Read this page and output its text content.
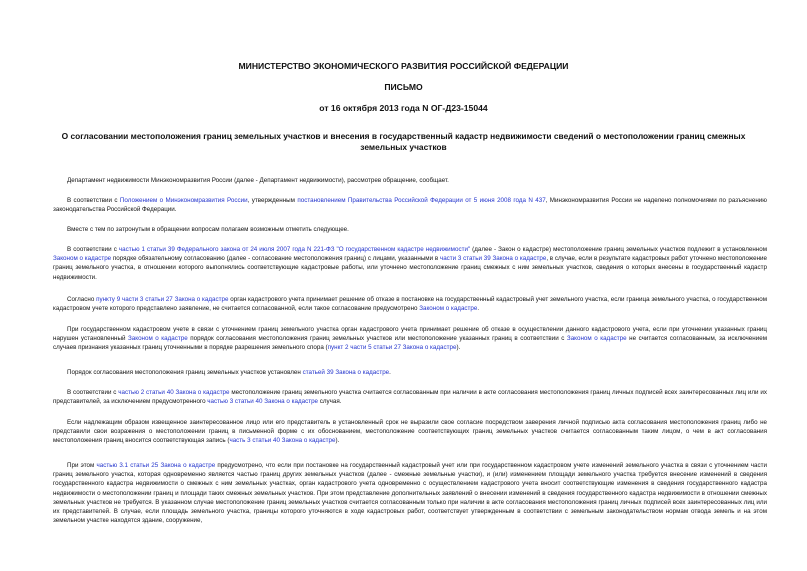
МИНИСТЕРСТВО ЭКОНОМИЧЕСКОГО РАЗВИТИЯ РОССИЙСКОЙ ФЕДЕРАЦИИ
ПИСЬМО
от 16 октября 2013 года N ОГ-Д23-15044
О согласовании местоположения границ земельных участков и внесения в государственный кадастр недвижимости сведений о местоположении границ смежных земельных участков

Департамент недвижимости Минэкономразвития России (далее - Департамент недвижимости), рассмотрев обращение, сообщает.

В соответствии с Положением о Минэкономразвития России, утвержденным постановлением Правительства Российской Федерации от 5 июня 2008 года N 437, Минэкономразвития России не наделено полномочиями по разъяснению законодательства Российской Федерации.

Вместе с тем по затронутым в обращении вопросам полагаем возможным отметить следующее.

В соответствии с частью 1 статьи 39 Федерального закона от 24 июля 2007 года N 221-ФЗ "О государственном кадастре недвижимости" (далее - Закон о кадастре) местоположение границ земельных участков подлежит в установленном Законом о кадастре порядке обязательному согласованию (далее - согласование местоположения границ) с лицами, указанными в части 3 статьи 39 Закона о кадастре, в случае, если в результате кадастровых работ уточнено местоположение границ земельного участка, в отношении которого выполнялись соответствующие кадастровые работы, или уточнено местоположение границ смежных с ним земельных участков, сведения о которых внесены в государственный кадастр недвижимости.

Согласно пункту 9 части 3 статьи 27 Закона о кадастре орган кадастрового учета принимает решение об отказе в постановке на государственный кадастровый учет земельного участка, если граница земельного участка, о государственном кадастровом учете которого представлено заявление, не считается согласованной, если такое согласование предусмотрено Законом о кадастре.

При государственном кадастровом учете в связи с уточнением границ земельного участка орган кадастрового учета принимает решение об отказе в осуществлении данного кадастрового учета, если при уточнении указанных границ нарушен установленный Законом о кадастре порядок согласования местоположения границ земельных участков или местоположение указанных границ в соответствии с Законом о кадастре не считается согласованным, за исключением случаев признания указанных границ уточненными в порядке разрешения земельного спора (пункт 2 части 5 статьи 27 Закона о кадастре).

Порядок согласования местоположения границ земельных участков установлен статьей 39 Закона о кадастре.

В соответствии с частью 2 статьи 40 Закона о кадастре местоположение границ земельного участка считается согласованным при наличии в акте согласования местоположения границ личных подписей всех заинтересованных лиц или их представителей, за исключением предусмотренного частью 3 статьи 40 Закона о кадастре случая.

Если надлежащим образом извещенное заинтересованное лицо или его представитель в установленный срок не выразили свое согласие посредством заверения личной подписью акта согласования местоположения границ либо не представили свои возражения о местоположении границ в письменной форме с их обоснованием, местоположение соответствующих границ земельных участков считается согласованным таким лицом, о чем в акт согласования местоположения границ вносится соответствующая запись (часть 3 статьи 40 Закона о кадастре).

При этом частью 3.1 статьи 25 Закона о кадастре предусмотрено, что если при постановке на государственный кадастровый учет или при государственном кадастровом учете изменений земельного участка в связи с уточнением части границ земельного участка, которая одновременно является частью границ других земельных участков (далее - смежные земельные участки), и (или) изменением площади земельного участка требуется внесение изменений в сведения государственного кадастра недвижимости о смежных с ним земельных участках, орган кадастрового учета одновременно с осуществлением кадастрового учета вносит соответствующие изменения в сведения государственного кадастра недвижимости о местоположении границ и площади таких смежных земельных участков. При этом представление дополнительных заявлений о внесении изменений в сведения государственного кадастра недвижимости в отношении смежных земельных участков не требуется. В указанном случае местоположение границ земельных участков считается согласованным только при наличии в акте согласования местоположения границ личных подписей всех заинтересованных лиц или их представителей. В случае, если площадь земельного участка, границы которого уточняются в ходе кадастровых работ, соответствует утвержденным в соответствии с земельным законодательством нормам отвода земель и на этом земельном участке находятся здание, сооружение,
